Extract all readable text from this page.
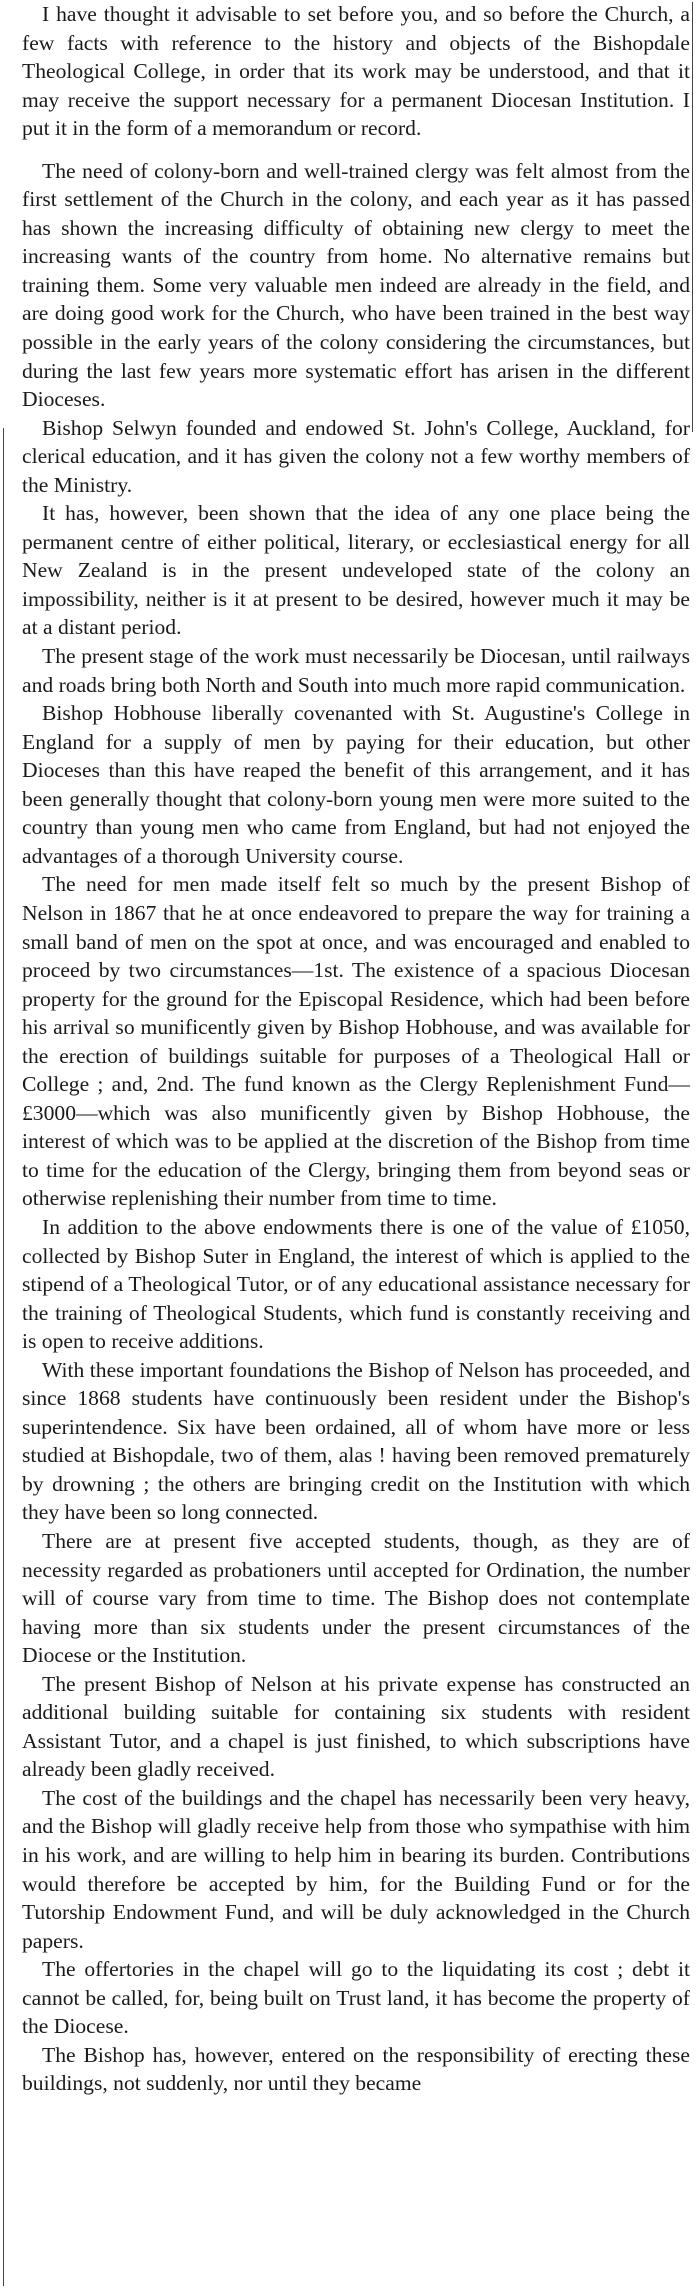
I have thought it advisable to set before you, and so before the Church, a few facts with reference to the history and objects of the Bishopdale Theological College, in order that its work may be understood, and that it may receive the support necessary for a permanent Diocesan Institution. I put it in the form of a memorandum or record.

The need of colony-born and well-trained clergy was felt almost from the first settlement of the Church in the colony, and each year as it has passed has shown the increasing difficulty of obtaining new clergy to meet the increasing wants of the country from home. No alternative remains but training them. Some very valuable men indeed are already in the field, and are doing good work for the Church, who have been trained in the best way possible in the early years of the colony considering the circumstances, but during the last few years more systematic effort has arisen in the different Dioceses.

Bishop Selwyn founded and endowed St. John's College, Auckland, for clerical education, and it has given the colony not a few worthy members of the Ministry.

It has, however, been shown that the idea of any one place being the permanent centre of either political, literary, or ecclesiastical energy for all New Zealand is in the present undeveloped state of the colony an impossibility, neither is it at present to be desired, however much it may be at a distant period.

The present stage of the work must necessarily be Diocesan, until railways and roads bring both North and South into much more rapid communication.

Bishop Hobhouse liberally covenanted with St. Augustine's College in England for a supply of men by paying for their education, but other Dioceses than this have reaped the benefit of this arrangement, and it has been generally thought that colony-born young men were more suited to the country than young men who came from England, but had not enjoyed the advantages of a thorough University course.

The need for men made itself felt so much by the present Bishop of Nelson in 1867 that he at once endeavored to prepare the way for training a small band of men on the spot at once, and was encouraged and enabled to proceed by two circumstances—1st. The existence of a spacious Diocesan property for the ground for the Episcopal Residence, which had been before his arrival so munificently given by Bishop Hobhouse, and was available for the erection of buildings suitable for purposes of a Theological Hall or College ; and, 2nd. The fund known as the Clergy Replenishment Fund—£3000—which was also munificently given by Bishop Hobhouse, the interest of which was to be applied at the discretion of the Bishop from time to time for the education of the Clergy, bringing them from beyond seas or otherwise replenishing their number from time to time.

In addition to the above endowments there is one of the value of £1050, collected by Bishop Suter in England, the interest of which is applied to the stipend of a Theological Tutor, or of any educational assistance necessary for the training of Theological Students, which fund is constantly receiving and is open to receive additions.

With these important foundations the Bishop of Nelson has proceeded, and since 1868 students have continuously been resident under the Bishop's superintendence. Six have been ordained, all of whom have more or less studied at Bishopdale, two of them, alas ! having been removed prematurely by drowning ; the others are bringing credit on the Institution with which they have been so long connected.

There are at present five accepted students, though, as they are of necessity regarded as probationers until accepted for Ordination, the number will of course vary from time to time. The Bishop does not contemplate having more than six students under the present circumstances of the Diocese or the Institution.

The present Bishop of Nelson at his private expense has constructed an additional building suitable for containing six students with resident Assistant Tutor, and a chapel is just finished, to which subscriptions have already been gladly received.

The cost of the buildings and the chapel has necessarily been very heavy, and the Bishop will gladly receive help from those who sympathise with him in his work, and are willing to help him in bearing its burden. Contributions would therefore be accepted by him, for the Building Fund or for the Tutorship Endowment Fund, and will be duly acknowledged in the Church papers.

The offertories in the chapel will go to the liquidating its cost ; debt it cannot be called, for, being built on Trust land, it has become the property of the Diocese.

The Bishop has, however, entered on the responsibility of erecting these buildings, not suddenly, nor until they became
